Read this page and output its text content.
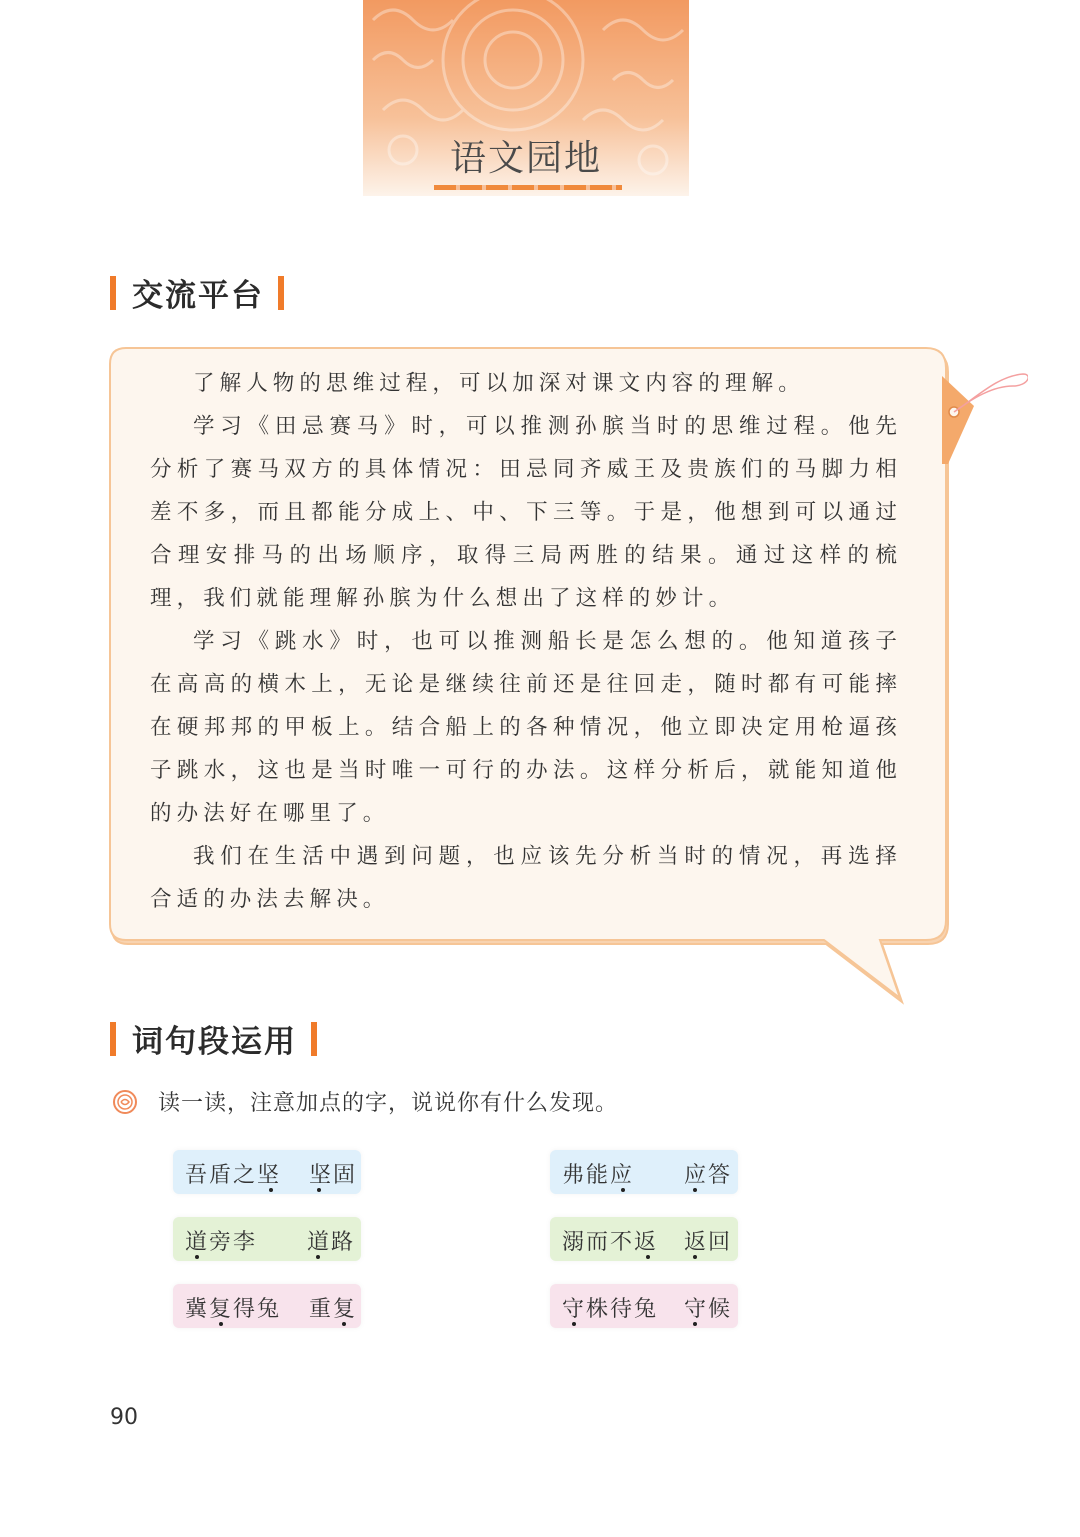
语文园地
交流平台

了解人物的思维过程，可以加深对课文内容的理解。

学习《田忌赛马》时，可以推测孙膑当时的思维过程。他先分析了赛马双方的具体情况：田忌同齐威王及贵族们的马脚力相差不多，而且都能分成上、中、下三等。于是，他想到可以通过合理安排马的出场顺序，取得三局两胜的结果。通过这样的梳理，我们就能理解孙膑为什么想出了这样的妙计。

学习《跳水》时，也可以推测船长是怎么想的。他知道孩子在高高的横木上，无论是继续往前还是往回走，随时都有可能摔在硬邦邦的甲板上。结合船上的各种情况，他立即决定用枪逼孩子跳水，这也是当时唯一可行的办法。这样分析后，就能知道他的办法好在哪里了。

我们在生活中遇到问题，也应该先分析当时的情况，再选择合适的办法去解决。

词句段运用
读一读，注意加点的字，说说你有什么发现。
吾盾之坚 坚固	弗能应 应答
道旁李 道路	溺而不返 返回
冀复得兔 重复	守株待兔 守候
90
